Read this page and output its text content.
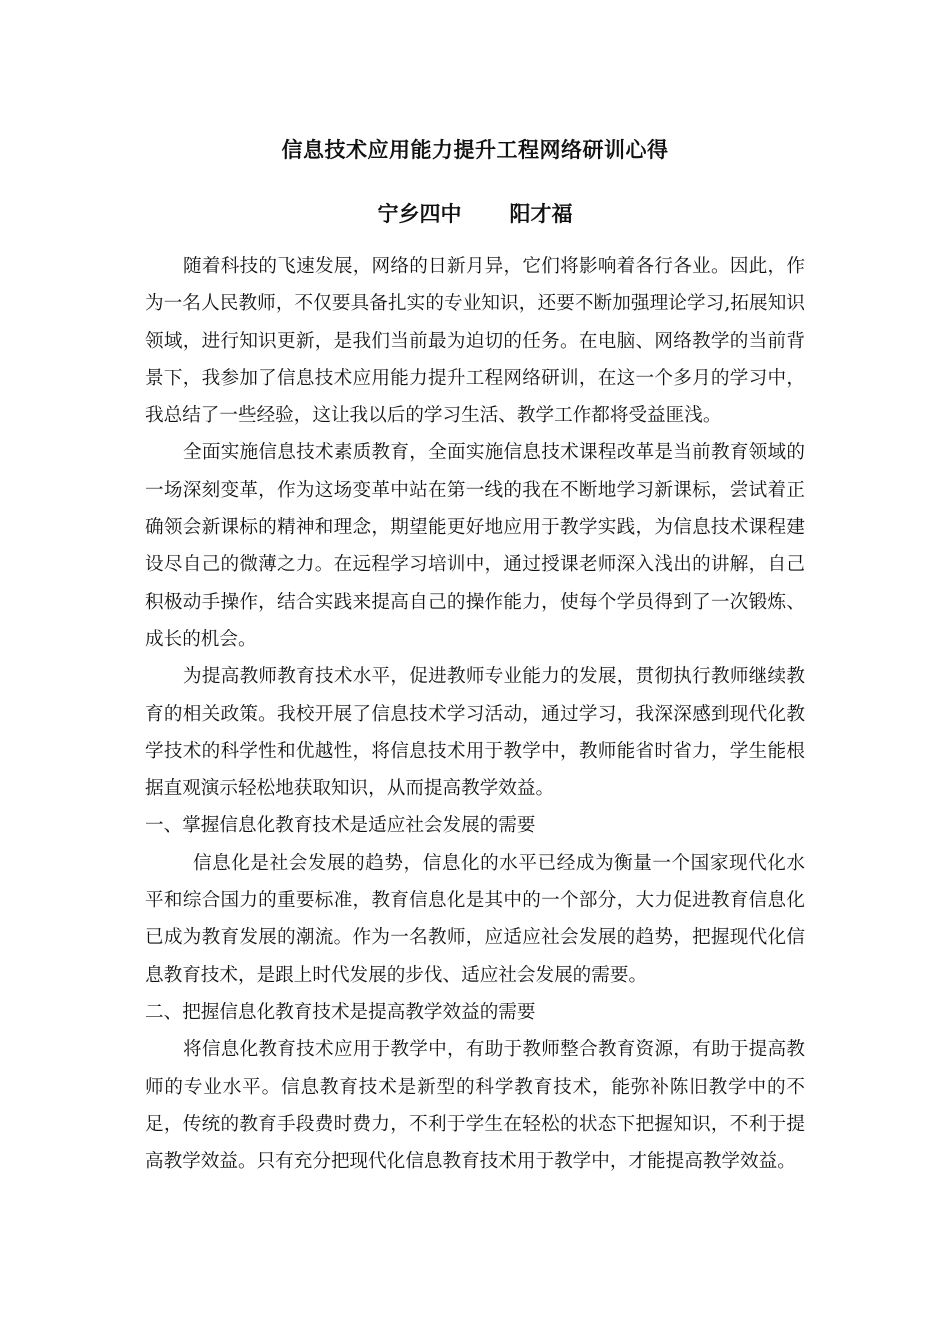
信息技术应用能力提升工程网络研训心得
宁乡四中 阳才福

随着科技的飞速发展，网络的日新月异，它们将影响着各行各业。因此，作为一名人民教师，不仅要具备扎实的专业知识，还要不断加强理论学习,拓展知识领域，进行知识更新，是我们当前最为迫切的任务。在电脑、网络教学的当前背景下，我参加了信息技术应用能力提升工程网络研训，在这一个多月的学习中，我总结了一些经验，这让我以后的学习生活、教学工作都将受益匪浅。

全面实施信息技术素质教育，全面实施信息技术课程改革是当前教育领域的一场深刻变革，作为这场变革中站在第一线的我在不断地学习新课标，尝试着正确领会新课标的精神和理念，期望能更好地应用于教学实践，为信息技术课程建设尽自己的微薄之力。在远程学习培训中，通过授课老师深入浅出的讲解，自己积极动手操作，结合实践来提高自己的操作能力，使每个学员得到了一次锻炼、成长的机会。

为提高教师教育技术水平，促进教师专业能力的发展，贯彻执行教师继续教育的相关政策。我校开展了信息技术学习活动，通过学习，我深深感到现代化教学技术的科学性和优越性，将信息技术用于教学中，教师能省时省力，学生能根据直观演示轻松地获取知识，从而提高教学效益。

一、掌握信息化教育技术是适应社会发展的需要

信息化是社会发展的趋势，信息化的水平已经成为衡量一个国家现代化水平和综合国力的重要标准，教育信息化是其中的一个部分，大力促进教育信息化已成为教育发展的潮流。作为一名教师，应适应社会发展的趋势，把握现代化信息教育技术，是跟上时代发展的步伐、适应社会发展的需要。

二、把握信息化教育技术是提高教学效益的需要

将信息化教育技术应用于教学中，有助于教师整合教育资源，有助于提高教师的专业水平。信息教育技术是新型的科学教育技术，能弥补陈旧教学中的不足，传统的教育手段费时费力，不利于学生在轻松的状态下把握知识，不利于提高教学效益。只有充分把现代化信息教育技术用于教学中，才能提高教学效益。
